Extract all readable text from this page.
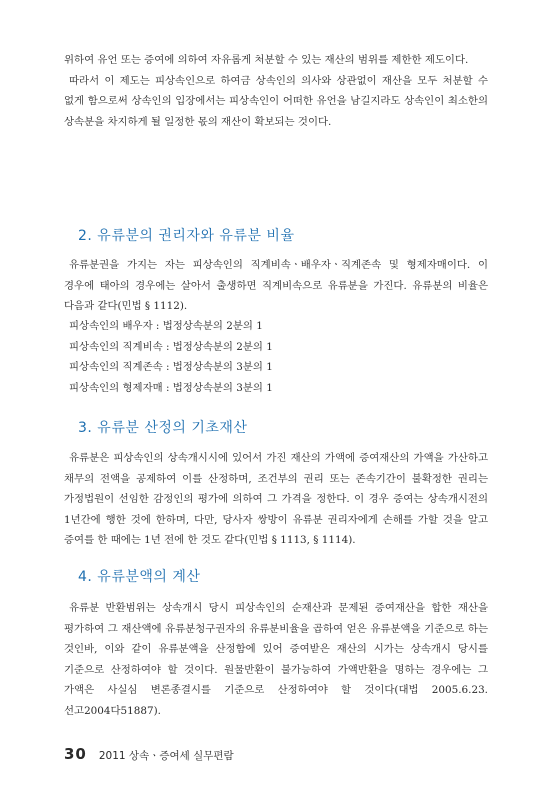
위하여 유언 또는 증여에 의하여 자유롭게 처분할 수 있는 재산의 범위를 제한한 제도이다.

따라서 이 제도는 피상속인으로 하여금 상속인의 의사와 상관없이 재산을 모두 처분할 수 없게 함으로써 상속인의 입장에서는 피상속인이 어떠한 유언을 남길지라도 상속인이 최소한의 상속분을 차지하게 될 일정한 몫의 재산이 확보되는 것이다.

2. 유류분의 권리자와 유류분 비율

유류분권을 가지는 자는 피상속인의 직계비속ㆍ배우자ㆍ직계존속 및 형제자매이다. 이 경우에 태아의 경우에는 살아서 출생하면 직계비속으로 유류분을 가진다. 유류분의 비율은 다음과 같다(민법 § 1112).

피상속인의 배우자 : 법정상속분의 2분의 1
피상속인의 직계비속 : 법정상속분의 2분의 1
피상속인의 직계존속 : 법정상속분의 3분의 1
피상속인의 형제자매 : 법정상속분의 3분의 1
3. 유류분 산정의 기초재산

유류분은 피상속인의 상속개시시에 있어서 가진 재산의 가액에 증여재산의 가액을 가산하고 채무의 전액을 공제하여 이를 산정하며, 조건부의 권리 또는 존속기간이 불확정한 권리는 가정법원이 선임한 감정인의 평가에 의하여 그 가격을 정한다. 이 경우 증여는 상속개시전의 1년간에 행한 것에 한하며, 다만, 당사자 쌍방이 유류분 권리자에게 손해를 가할 것을 알고 증여를 한 때에는 1년 전에 한 것도 같다(민법 § 1113, § 1114).

4. 유류분액의 계산

유류분 반환범위는 상속개시 당시 피상속인의 순재산과 문제된 증여재산을 합한 재산을 평가하여 그 재산액에 유류분청구권자의 유류분비율을 곱하여 얻은 유류분액을 기준으로 하는 것인바, 이와 같이 유류분액을 산정함에 있어 증여받은 재산의 시가는 상속개시 당시를 기준으로 산정하여야 할 것이다. 원물반환이 불가능하여 가액반환을 명하는 경우에는 그 가액은 사실심 변론종결시를 기준으로 산정하여야 할 것이다(대법 2005.6.23.선고2004다51887).

30 2011 상속ㆍ증여세 실무편람
